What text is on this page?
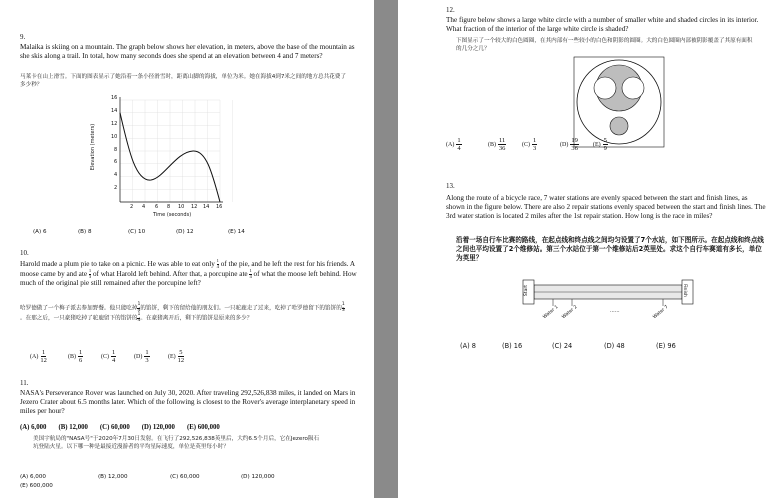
9.

Malaika is skiing on a mountain. The graph below shows her elevation, in meters, above the base of the mountain as she skis along a trail. In total, how many seconds does she spend at an elevation between 4 and 7 meters?

马莱卡在山上滑雪。下面的图表显示了她沿着一条小径滑雪时，距离山脚的海拔，单位为米。她在海拔4到7米之间的地方总共花费了多少秒？

16
14
12
10
8
6
4
2
2 4 6 8 10 12 14 16
Time (seconds)
Elevation (meters)
(A) 6	(B) 8	(C) 10	(D) 12	(E) 14
10.

Harold made a plum pie to take on a picnic. He was able to eat only $\frac{1}{4}$ of the pie, and he left the rest for his friends. A moose came by and ate $\frac{1}{3}$ of what Harold left behind. After that, a porcupine ate $\frac{1}{4}$ of what the moose left behind. How much of the original pie still remained after the porcupine left?

哈罗德做了一个梅子派去参加野餐。他只能吃掉 $\frac{1}{4}$ 的馅饼，剩下的留给他的朋友们。一只驼鹿走了过来，吃掉了哈罗德留下的馅饼的 $\frac{1}{3}$
。在那之后，一只豪猪吃掉了驼鹿留下的馅饼的 $\frac{1}{4}$ 。在豪猪离开后，剩下的馅饼是原来的多少？

$(A) \frac{1}{12}$	$(B) \frac{1}{6}$	$(C) \frac{1}{4}$	$(D) \frac{1}{3}$	$(E) \frac{5}{12}$
11.

NASA's Perseverance Rover was launched on July 30, 2020. After traveling 292,526,838 miles, it landed on Mars in Jezero Crater about 6.5 months later. Which of the following is closest to the Rover's average interplanetary speed in miles per hour?

(A) 6,000 (B) 12,000 (C) 60,000 (D) 120,000 (E) 600,000

美国宇航局的"NASA号"于2020年7月30日发射。在飞行了292,526,838英里后，大约6.5个月后，它在Jezero陨石坑登陆火星。以下哪一种是最接近漫游者的平均星际速度，单位是英里每小时？

(A) 6,000	(B) 12,000	(C) 60,000	(D) 120,000
(E) 600,000
12.

The figure below shows a large white circle with a number of smaller white and shaded circles in its interior. What fraction of the interior of the large white circle is shaded?

下图显示了一个较大的白色圆圈，在其内部有一些较小的白色和阴影的圆圈。大的白色圆圈内部被阴影覆盖了其原有面积的几分之几？

$(A) \frac{1}{4}$	$(B) \frac{11}{36}$	$(C) \frac{1}{3}$	$(D) \frac{19}{36} (E) \frac{5}{9}$
13.

Along the route of a bicycle race, 7 water stations are evenly spaced between the start and finish lines, as shown in the figure below. There are also 2 repair stations evenly spaced between the start and finish lines. The 3rd water station is located 2 miles after the 1st repair station. How long is the race in miles?

沿着一场自行车比赛的路线，在起点线和终点线之间均匀设置了7个水站，如下图所示。在起点线和终点线之间也平均设置了2个维修站。第三个水站位于第一个维修站后2英里处。求这个自行车赛道有多长，单位为英里？

Start	Finish
Water 1 Water 2	......	Water 7
(A) 8	(B) 16	(C) 24	(D) 48	(E) 96
